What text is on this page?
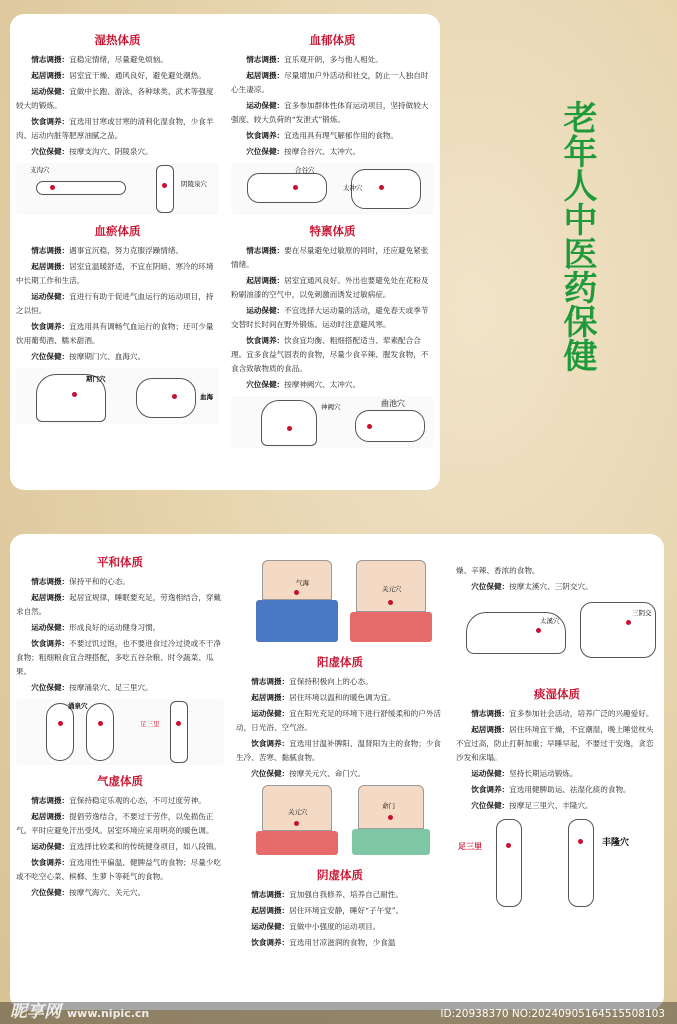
湿热体质

情志调摄：宜稳定情绪，尽量避免烦恼。

起居调摄：居室宜干燥、通风良好，避免避处潮热。

运动保健：宜做中长跑、游泳、各种球类、武术等强度较大的锻炼。

饮食调养：宜选用甘寒或甘寒的清利化湿食物，少食羊肉、运动内脏等肥厚油腻之品。

穴位保健：按摩支沟穴、阴陵泉穴。

支沟穴
阴陵泉穴
血瘀体质

情志调摄：遇事宜沉稳，努力克服浮躁情绪。

起居调摄：居室宜温暖舒适，不宜在阴暗、寒冷的环境中长期工作和生活。

运动保健：宜进行有助于促进气血运行的运动项目，持之以恒。

饮食调养：宜选用具有调畅气血运行的食物；还可少量饮用葡萄酒、糯米甜酒。

穴位保健：按摩期门穴、血海穴。

期门穴
血海
血郁体质

情志调摄：宜乐观开朗，多与他人相处。

起居调摄：尽量增加户外活动和社交，防止一人独自时心生凄凉。

运动保健：宜多参加群体性体育运动项目，坚持做较大强度、较大负荷的“发泄式”锻炼。

饮食调养：宜选用具有理气解郁作用的食物。

穴位保健：按摩合谷穴、太冲穴。

合谷穴
太冲穴
特禀体质

情志调摄：要在尽量避免过敏原的同时，还应避免紧张情绪。

起居调摄：居室宜通风良好。外出也要避免处在花粉及粉刷油漆的空气中，以免刺激而诱发过敏病症。

运动保健：不宜选择大运动量的活动，避免春天或季节交替时长时间在野外锻炼。运动时注意避风寒。

饮食调养：饮食宜均衡、粗细搭配适当、荤素配合合理。宜多食益气固表的食物，尽量少食辛辣、腥发食物，不食含致敏物质的食品。

穴位保健：按摩神阙穴、太冲穴。

神阙穴	曲池穴
老年人中医药保健
平和体质

情志调摄：保持平和的心态。

起居调摄：起居宜规律，睡眠要充足，劳逸相结合，穿戴求自然。

运动保健：形成良好的运动健身习惯。

饮食调养：不要过饥过饱，也不要进食过冷过烫或不干净食物；粗细粮食宜合理搭配，多吃五谷杂粮、时令蔬菜、瓜果。

穴位保健：按摩涌泉穴、足三里穴。

涌泉穴
足三里
气虚体质

情志调摄：宜保持稳定乐观的心态，不可过度劳神。

起居调摄：提倡劳逸结合，不要过于劳作，以免损伤正气。平时应避免汗出受风。居室环境应采用明亮的暖色调。

运动保健：宜选择比较柔和的传统健身项目，如八段锦。

饮食调养：宜选用性平偏温、健脾益气的食物；尽量少吃或不吃空心菜、槟榔、生萝卜等耗气的食物。

穴位保健：按摩气海穴、关元穴。

气海
关元穴
阳虚体质

情志调摄：宜保持积极向上的心态。

起居调摄：居住环境以温和的暖色调为宜。

运动保健：宜在阳光充足的环境下进行舒缓柔和的户外活动，日光浴、空气浴。

饮食调养：宜选用甘温补脾阳、温肾阳为主的食物；少食生冷、苦寒、黏腻食物。

穴位保健：按摩关元穴、命门穴。

关元穴
命门
阴虚体质

情志调摄：宜加强自我修养、培养自己耐性。

起居调摄：居住环境宜安静，睡好“子午觉”。

运动保健：宜做中小强度的运动项目。

饮食调养：宜选用甘凉滋润的食物，少食温

燥、辛辣、香浓的食物。

穴位保健：按摩太溪穴、三阴交穴。

太溪穴
三阴交
痰湿体质

情志调摄：宜多参加社会活动，培养广泛的兴趣爱好。

起居调摄：居住环境宜干燥，不宜潮湿，晚上睡觉枕头不宜过高，防止打鼾加重；早睡早起，不要过于安逸，贪恋沙发和床塌。

运动保健：坚持长期运动锻炼。

饮食调养：宜选用健脾助运、祛湿化痰的食物。

穴位保健：按摩足三里穴、丰隆穴。

足三里	丰隆穴
昵享网 www.nipic.cn	ID:20938370 NO:20240905164515508103
